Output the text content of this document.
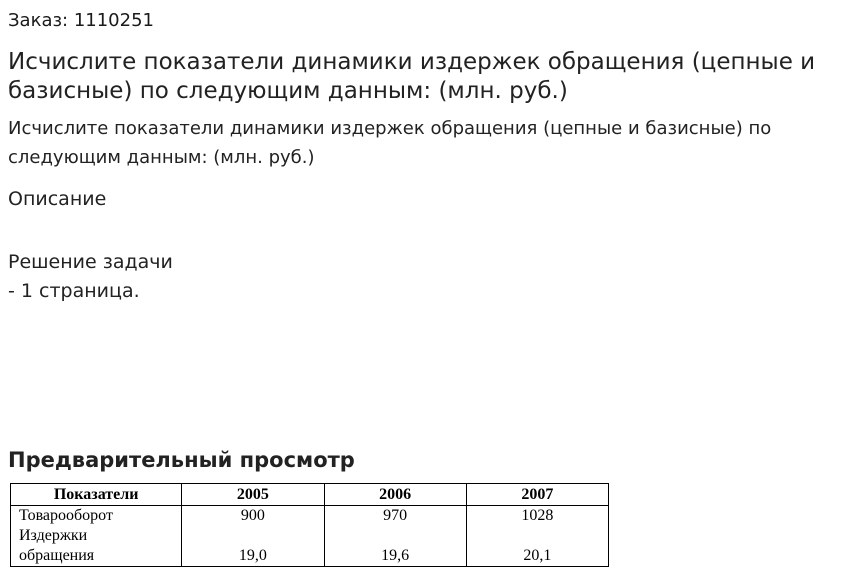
Заказ: 1110251
Исчислите показатели динамики издержек обращения (цепные и базисные) по следующим данным: (млн. руб.)
Исчислите показатели динамики издержек обращения (цепные и базисные) по следующим данным: (млн. руб.)
Описание
Решение задачи
- 1 страница.
Предварительный просмотр
Показатели	2005	2006	2007
Товарооборот	900	970	1028
Издержки			
обращения	19,0	19,6	20,1
